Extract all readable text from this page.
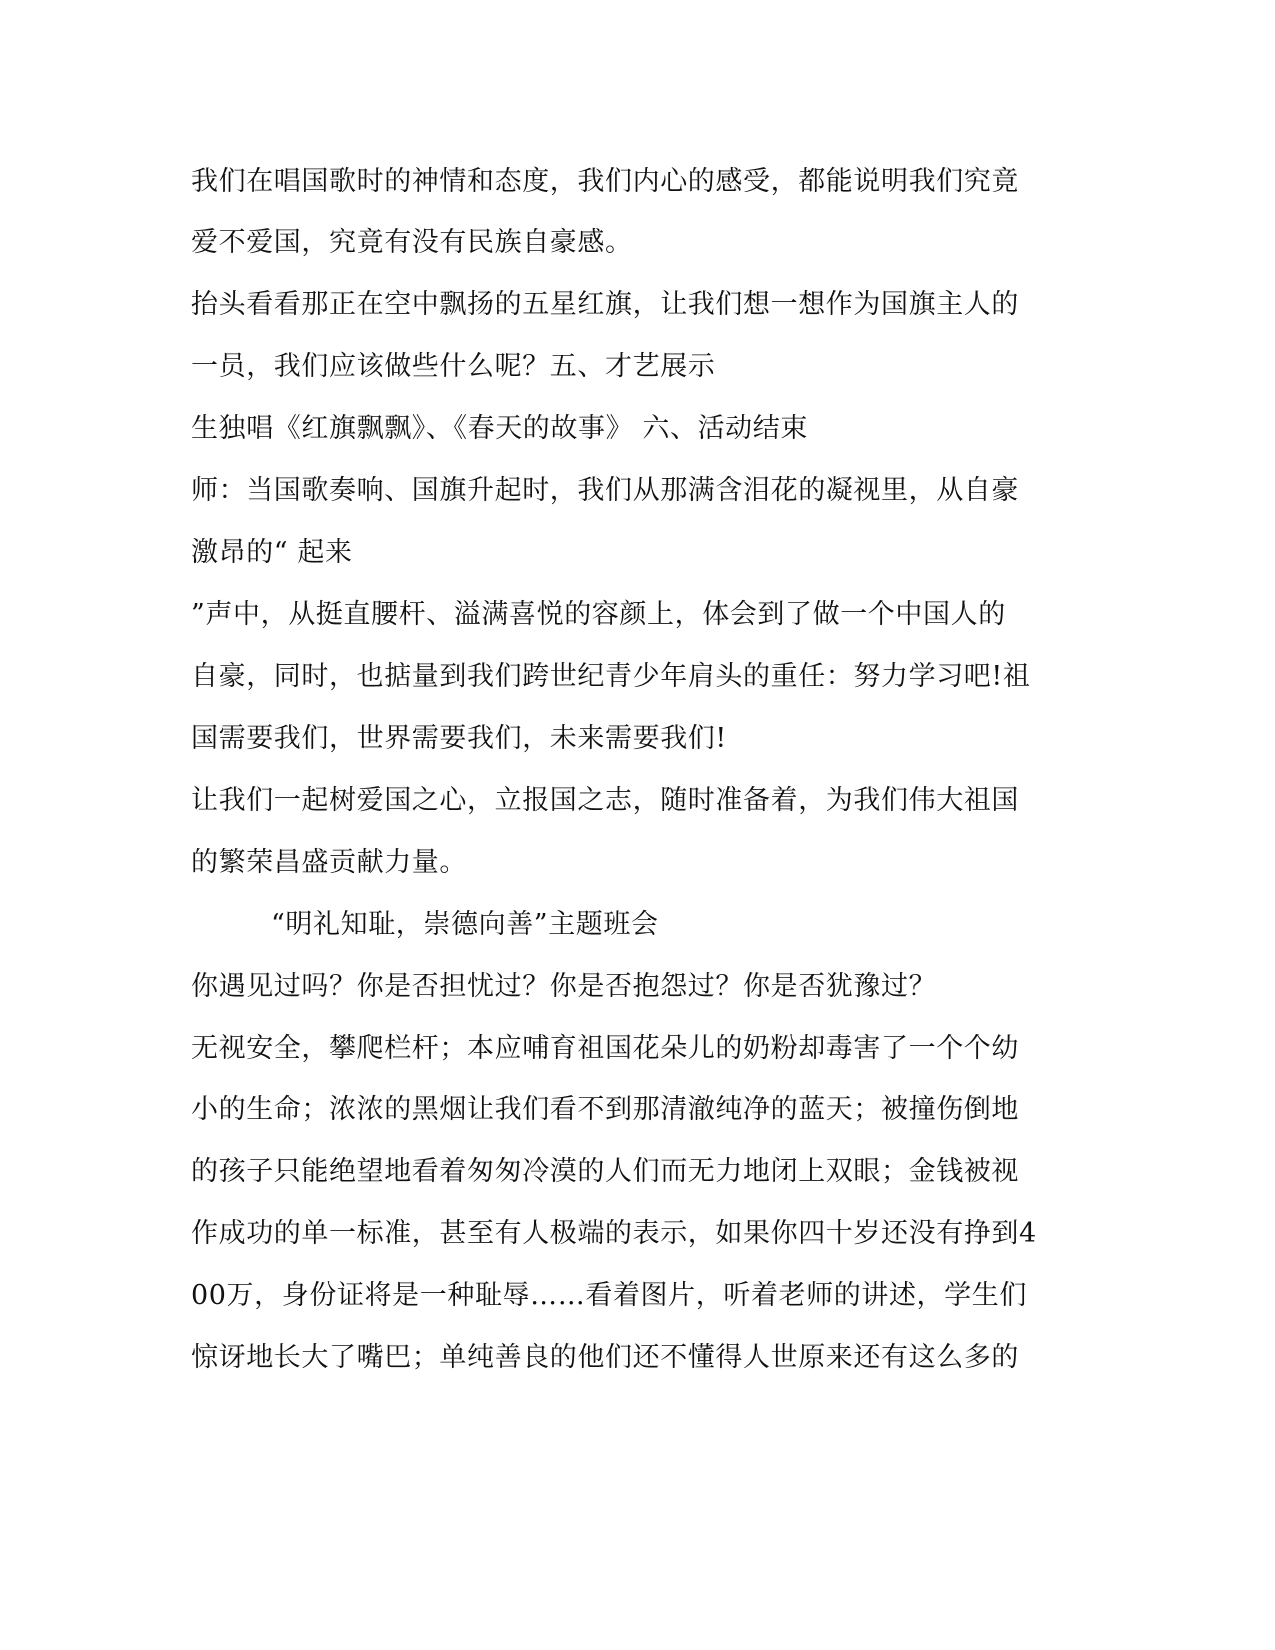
我们在唱国歌时的神情和态度，我们内心的感受，都能说明我们究竟
爱不爱国，究竟有没有民族自豪感。
抬头看看那正在空中飘扬的五星红旗，让我们想一想作为国旗主人的
一员，我们应该做些什么呢？五、才艺展示
生独唱《红旗飘飘》、《春天的故事》 六、活动结束
师：当国歌奏响、国旗升起时，我们从那满含泪花的凝视里，从自豪
激昂的“ 起来
”声中，从挺直腰杆、溢满喜悦的容颜上，体会到了做一个中国人的
自豪，同时，也掂量到我们跨世纪青少年肩头的重任：努力学习吧!祖
国需要我们，世界需要我们，未来需要我们!
让我们一起树爱国之心，立报国之志，随时准备着，为我们伟大祖国
的繁荣昌盛贡献力量。
“明礼知耻，崇德向善”主题班会
你遇见过吗？你是否担忧过？你是否抱怨过？你是否犹豫过？
无视安全，攀爬栏杆；本应哺育祖国花朵儿的奶粉却毒害了一个个幼
小的生命；浓浓的黑烟让我们看不到那清澈纯净的蓝天；被撞伤倒地
的孩子只能绝望地看着匆匆冷漠的人们而无力地闭上双眼；金钱被视
作成功的单一标准，甚至有人极端的表示，如果你四十岁还没有挣到4
00万，身份证将是一种耻辱……看着图片，听着老师的讲述，学生们
惊讶地长大了嘴巴；单纯善良的他们还不懂得人世原来还有这么多的
